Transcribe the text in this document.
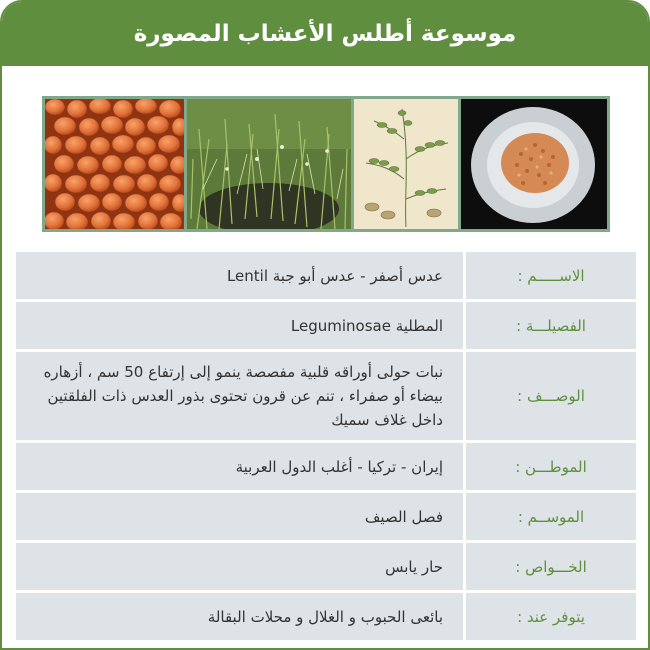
موسوعة أطلس الأعشاب المصورة
الاســـــم :
عدس أصفر - عدس أبو جبة Lentil
الفصيلـــة :
المطلية Leguminosae
الوصـــف :
نبات حولى أوراقه قلبية مفصصة ينمو إلى إرتفاع 50 سم ، أزهاره بيضاء أو صفراء ، تنم عن قرون تحتوى بذور العدس ذات الفلقتين داخل غلاف سميك
الموطـــن :
إيران - تركيا - أغلب الدول العربية
الموســم :
فصل الصيف
الخـــواص :
حار يابس
يتوفر عند :
بائعى الحبوب و الغلال و محلات البقالة
